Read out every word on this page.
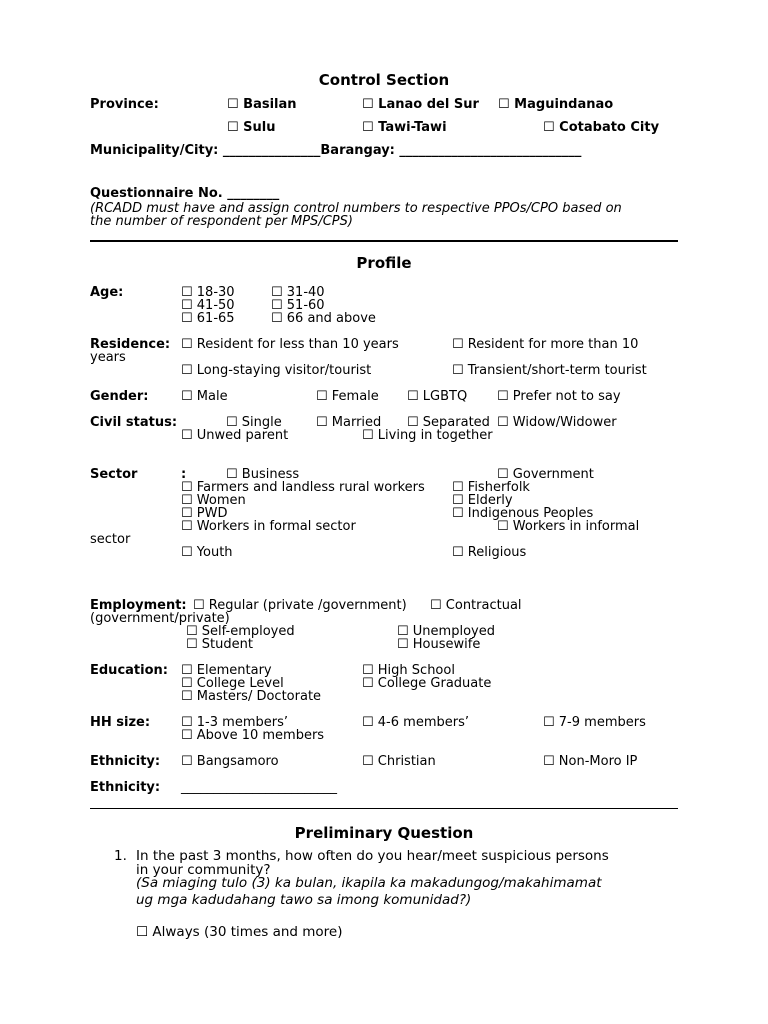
Control Section
Province:	☐ Basilan	☐ Lanao del Sur ☐ Maguindanao
☐ Sulu	☐ Tawi-Tawi	☐ Cotabato City
Municipality/City: _______________Barangay: ____________________________
Questionnaire No. ________
(RCADD must have and assign control numbers to respective PPOs/CPO based on
the number of respondent per MPS/CPS)
Profile
Age:	☐ 18-30	☐ 31-40
☐ 41-50	☐ 51-60
☐ 61-65	☐ 66 and above
Residence: ☐ Resident for less than 10 years	☐ Resident for more than 10
years
☐ Long-staying visitor/tourist	☐ Transient/short-term tourist
Gender:	☐ Male	☐ Female ☐ LGBTQ ☐ Prefer not to say
Civil status:	☐ Single	☐ Married ☐ Separated ☐ Widow/Widower
☐ Unwed parent	☐ Living in together
Sector	:	☐ Business	☐ Government
☐ Farmers and landless rural workers ☐ Fisherfolk
☐ Women	☐ Elderly
☐ PWD	☐ Indigenous Peoples
☐ Workers in formal sector	☐ Workers in informal
sector
☐ Youth	☐ Religious
Employment: ☐ Regular (private /government) ☐ Contractual
(government/private)
☐ Self-employed	☐ Unemployed
☐ Student	☐ Housewife
Education: ☐ Elementary	☐ High School
☐ College Level	☐ College Graduate
☐ Masters/ Doctorate
HH size: ☐ 1-3 members’	☐ 4-6 members’	☐ 7-9 members
☐ Above 10 members
Ethnicity: ☐ Bangsamoro	☐ Christian	☐ Non-Moro IP
Ethnicity: ________________________
Preliminary Question
1. In the past 3 months, how often do you hear/meet suspicious persons
in your community?
(Sa miaging tulo (3) ka bulan, ikapila ka makadungog/makahimamat
ug mga kadudahang tawo sa imong komunidad?)
☐ Always (30 times and more)
